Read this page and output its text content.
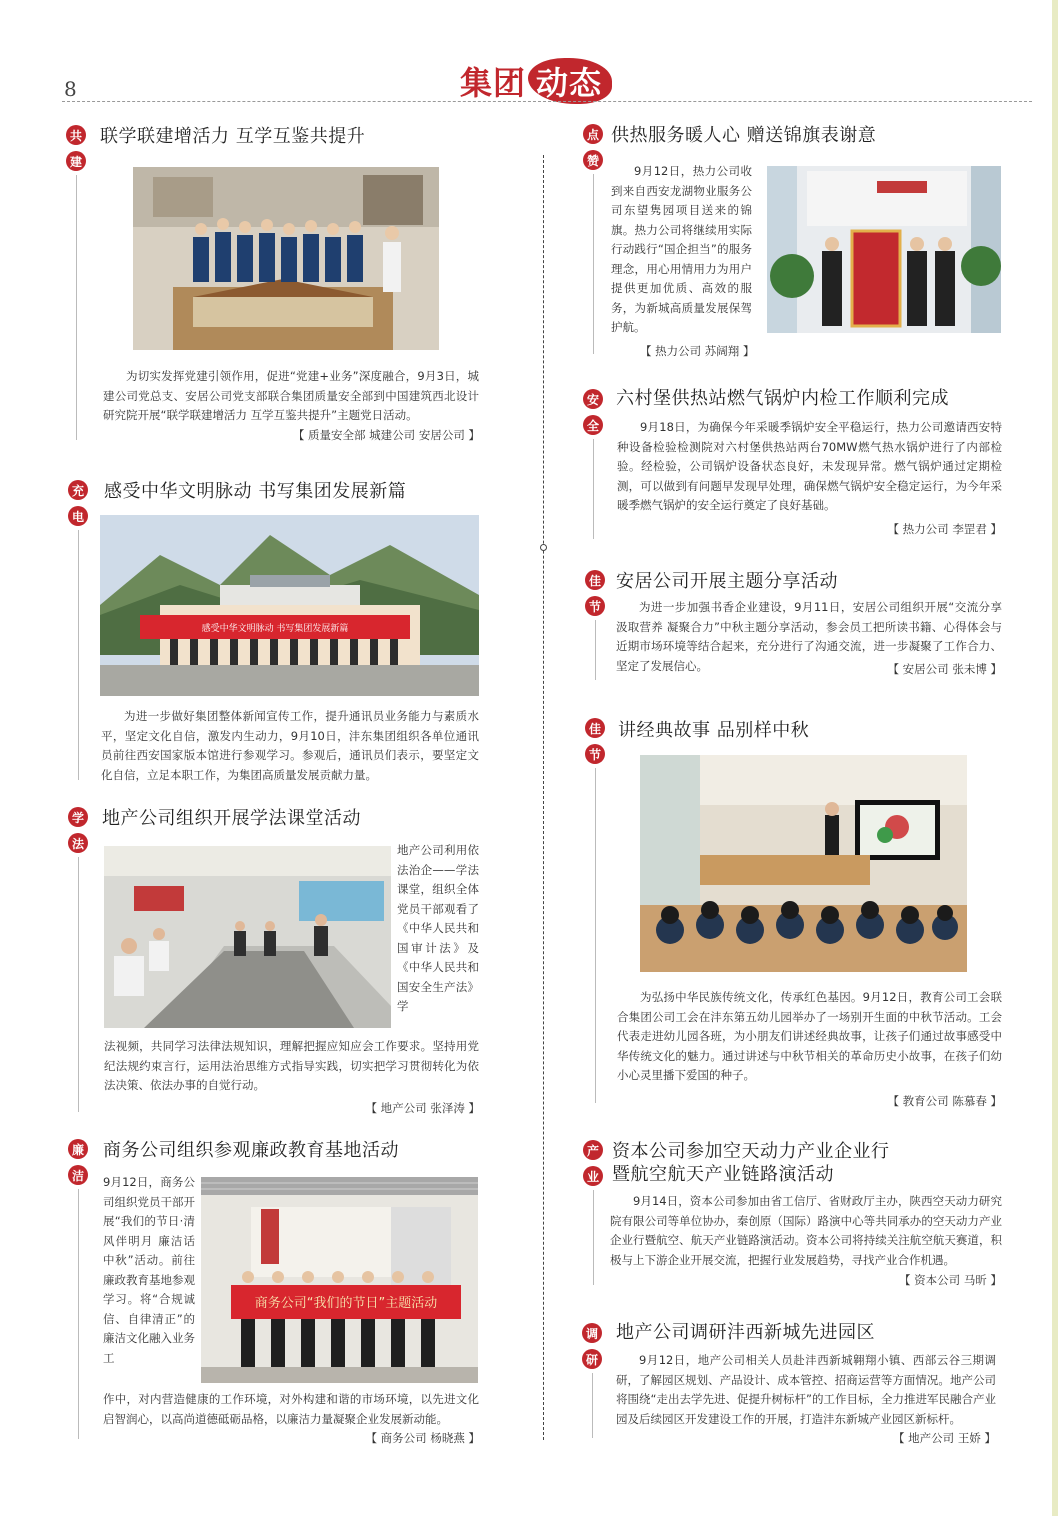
8	集团 动态
共
建
联学联建增活力 互学互鉴共提升
为切实发挥党建引领作用，促进“党建+业务”深度融合，9月3日，城建公司党总支、安居公司党支部联合集团质量安全部到中国建筑西北设计研究院开展“联学联建增活力 互学互鉴共提升”主题党日活动。
【 质量安全部 城建公司 安居公司 】
充
电
感受中华文明脉动 书写集团发展新篇
感受中华文明脉动 书写集团发展新篇
为进一步做好集团整体新闻宣传工作，提升通讯员业务能力与素质水平，坚定文化自信，激发内生动力，9月10日，沣东集团组织各单位通讯员前往西安国家版本馆进行参观学习。参观后，通讯员们表示，要坚定文化自信，立足本职工作，为集团高质量发展贡献力量。
学
法
地产公司组织开展学法课堂活动
地产公司利用依法治企——学法课堂，组织全体党员干部观看了《中华人民共和国审计法》及《中华人民共和国安全生产法》学
法视频，共同学习法律法规知识，理解把握应知应会工作要求。坚持用党纪法规约束言行，运用法治思维方式指导实践，切实把学习贯彻转化为依法决策、依法办事的自觉行动。
【 地产公司 张泽涛 】
廉
洁
商务公司组织参观廉政教育基地活动
9月12日，商务公司组织党员干部开展“我们的节日·清风伴明月 廉洁话中秋”活动。前往廉政教育基地参观学习。将“合规诚信、自律清正”的廉洁文化融入业务工
商务公司“我们的节日”主题活动
作中，对内营造健康的工作环境，对外构建和谐的市场环境，以先进文化启智润心，以高尚道德砥砺品格，以廉洁力量凝聚企业发展新动能。
【 商务公司 杨晓燕 】
点
赞
供热服务暖人心 赠送锦旗表谢意
9月12日，热力公司收到来自西安龙湖物业服务公司东望隽园项目送来的锦旗。热力公司将继续用实际行动践行“国企担当”的服务理念，用心用情用力为用户提供更加优质、高效的服务，为新城高质量发展保驾护航。
【 热力公司 苏阔翔 】
安
全
六村堡供热站燃气锅炉内检工作顺利完成
9月18日，为确保今年采暖季锅炉安全平稳运行，热力公司邀请西安特种设备检验检测院对六村堡供热站两台70MW燃气热水锅炉进行了内部检验。经检验，公司锅炉设备状态良好，未发现异常。燃气锅炉通过定期检测，可以做到有问题早发现早处理，确保燃气锅炉安全稳定运行，为今年采暖季燃气锅炉的安全运行奠定了良好基础。
【 热力公司 李罡君 】
佳
节
安居公司开展主题分享活动
为进一步加强书香企业建设，9月11日，安居公司组织开展“交流分享 汲取营养 凝聚合力”中秋主题分享活动，参会员工把所读书籍、心得体会与近期市场环境等结合起来，充分进行了沟通交流，进一步凝聚了工作合力、坚定了发展信心。	【 安居公司 张未博 】
佳
节
讲经典故事 品别样中秋
为弘扬中华民族传统文化，传承红色基因。9月12日，教育公司工会联合集团公司工会在沣东第五幼儿园举办了一场别开生面的中秋节活动。工会代表走进幼儿园各班，为小朋友们讲述经典故事，让孩子们通过故事感受中华传统文化的魅力。通过讲述与中秋节相关的革命历史小故事，在孩子们幼小心灵里播下爱国的种子。
【 教育公司 陈慕春 】
产
业
资本公司参加空天动力产业企业行
暨航空航天产业链路演活动
9月14日，资本公司参加由省工信厅、省财政厅主办，陕西空天动力研究院有限公司等单位协办，秦创原（国际）路演中心等共同承办的空天动力产业企业行暨航空、航天产业链路演活动。资本公司将持续关注航空航天赛道，积极与上下游企业开展交流，把握行业发展趋势，寻找产业合作机遇。
【 资本公司 马昕 】
调
研
地产公司调研沣西新城先进园区
9月12日，地产公司相关人员赴沣西新城翱翔小镇、西部云谷三期调研，了解园区规划、产品设计、成本管控、招商运营等方面情况。地产公司将围绕“走出去学先进、促提升树标杆”的工作目标，全力推进军民融合产业园及后续园区开发建设工作的开展，打造沣东新城产业园区新标杆。
【 地产公司 王娇 】
